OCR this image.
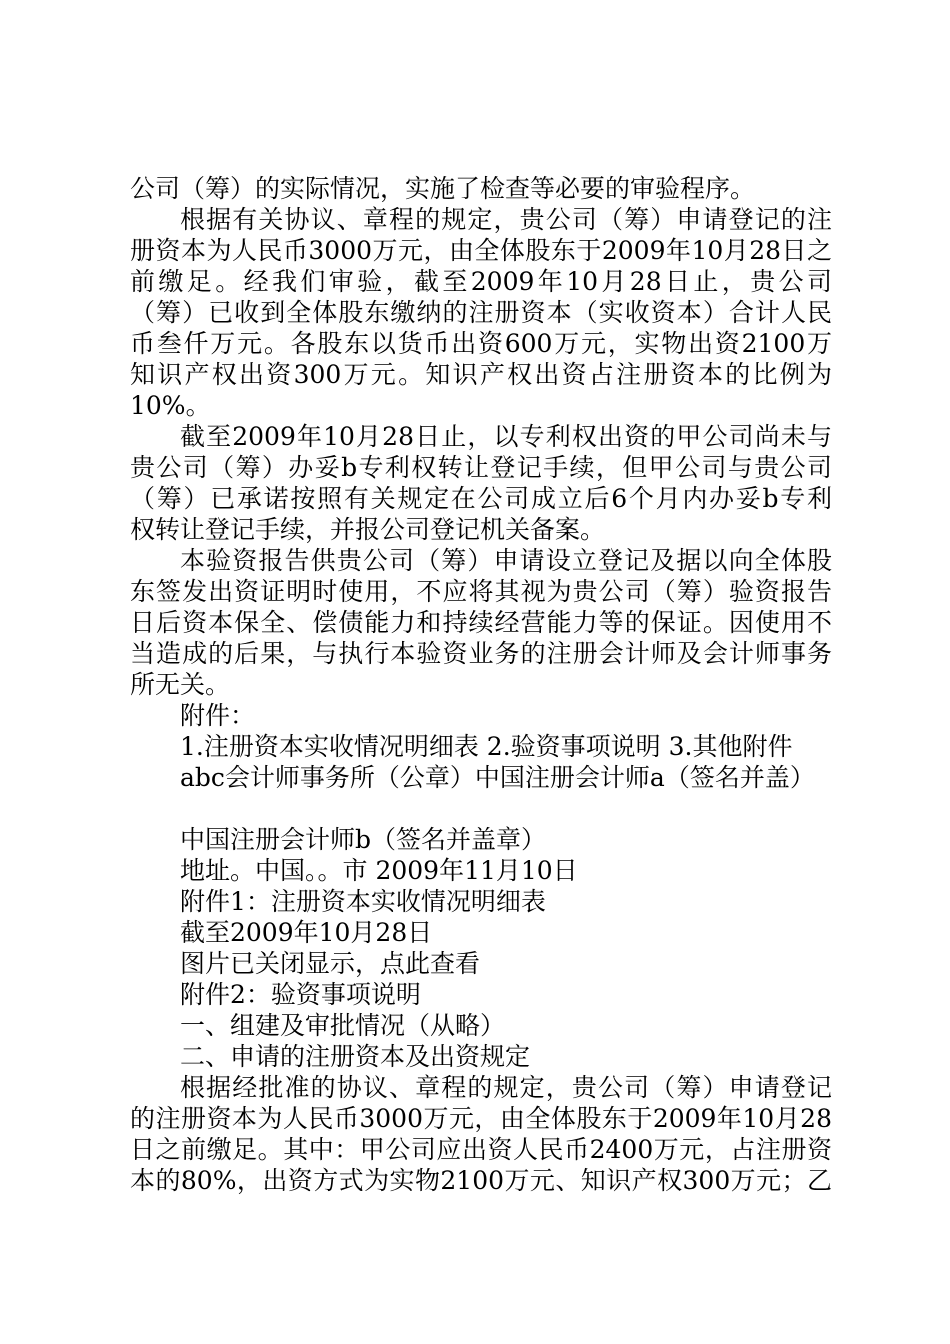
公司（筹）的实际情况，实施了检查等必要的审验程序。
根据有关协议、章程的规定，贵公司（筹）申请登记的注
册资本为人民币3000万元，由全体股东于2009年10月28日之
前缴足。经我们审验，截至2009年10月28日止，贵公司
（筹）已收到全体股东缴纳的注册资本（实收资本）合计人民
币叁仟万元。各股东以货币出资600万元，实物出资2100万
知识产权出资300万元。知识产权出资占注册资本的比例为
10%。
截至2009年10月28日止，以专利权出资的甲公司尚未与
贵公司（筹）办妥b专利权转让登记手续，但甲公司与贵公司
（筹）已承诺按照有关规定在公司成立后6个月内办妥b专利
权转让登记手续，并报公司登记机关备案。
本验资报告供贵公司（筹）申请设立登记及据以向全体股
东签发出资证明时使用，不应将其视为贵公司（筹）验资报告
日后资本保全、偿债能力和持续经营能力等的保证。因使用不
当造成的后果，与执行本验资业务的注册会计师及会计师事务
所无关。
附件：
1.注册资本实收情况明细表 2.验资事项说明 3.其他附件
abc会计师事务所（公章）中国注册会计师a（签名并盖）
中国注册会计师b（签名并盖章）
地址。中国。。市 2009年11月10日
附件1：注册资本实收情况明细表
截至2009年10月28日
图片已关闭显示，点此查看
附件2：验资事项说明
一、组建及审批情况（从略）
二、申请的注册资本及出资规定
根据经批准的协议、章程的规定，贵公司（筹）申请登记
的注册资本为人民币3000万元，由全体股东于2009年10月28
日之前缴足。其中：甲公司应出资人民币2400万元，占注册资
本的80%，出资方式为实物2100万元、知识产权300万元；乙
